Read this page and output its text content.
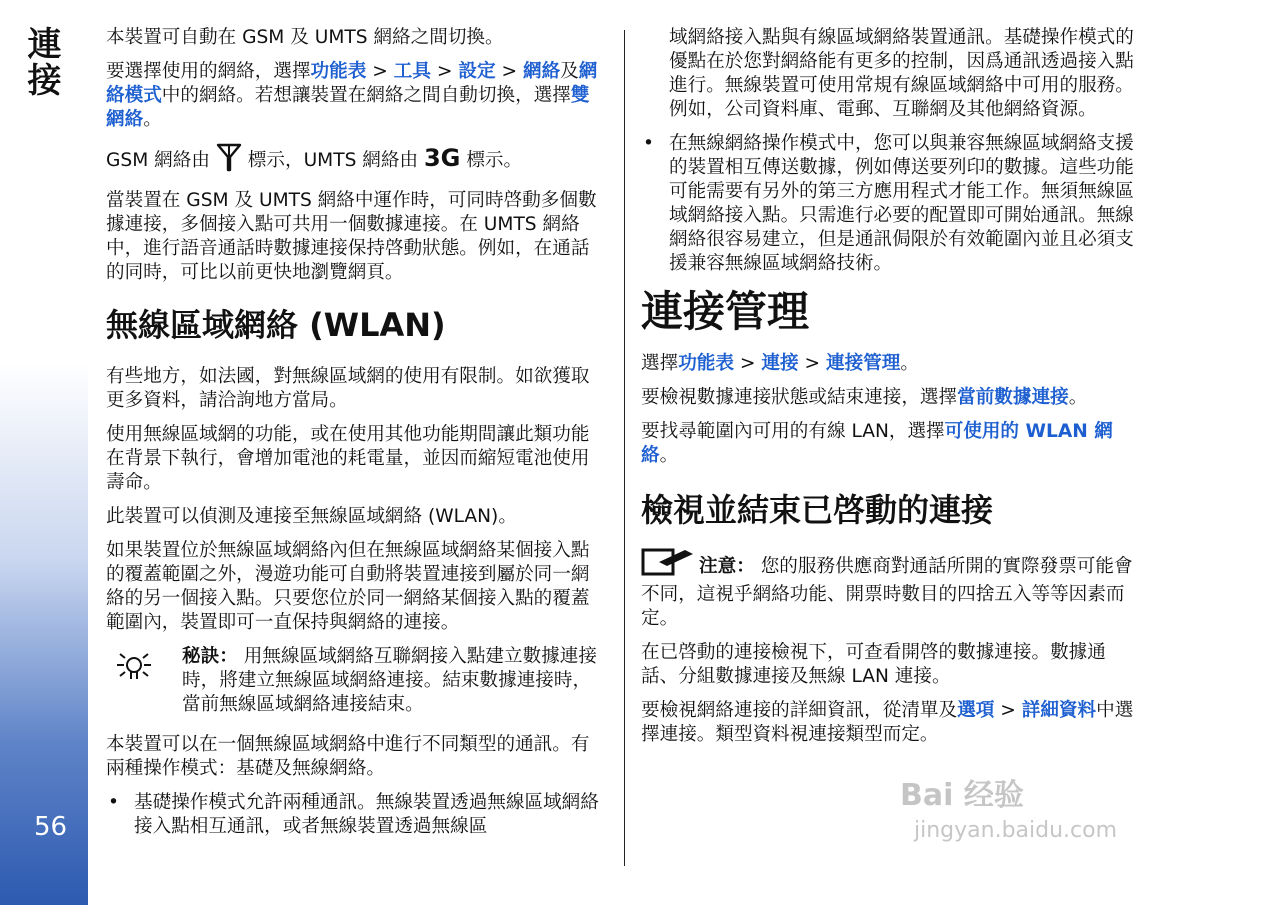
連接
56

本裝置可自動在 GSM 及 UMTS 網絡之間切換。

要選擇使用的網絡，選擇功能表 > 工具 > 設定 > 網絡及網絡模式中的網絡。若想讓裝置在網絡之間自動切換，選擇雙網絡。

GSM 網絡由  標示，UMTS 網絡由 3G 標示。

當裝置在 GSM 及 UMTS 網絡中運作時，可同時啓動多個數據連接，多個接入點可共用一個數據連接。在 UMTS 網絡中，進行語音通話時數據連接保持啓動狀態。例如，在通話的同時，可比以前更快地瀏覽網頁。

無線區域網絡 (WLAN)

有些地方，如法國，對無線區域網的使用有限制。如欲獲取更多資料，請洽詢地方當局。

使用無線區域網的功能，或在使用其他功能期間讓此類功能在背景下執行，會增加電池的耗電量，並因而縮短電池使用壽命。

此裝置可以偵測及連接至無線區域網絡 (WLAN)。

如果裝置位於無線區域網絡內但在無線區域網絡某個接入點的覆蓋範圍之外，漫遊功能可自動將裝置連接到屬於同一網絡的另一個接入點。只要您位於同一網絡某個接入點的覆蓋範圍內，裝置即可一直保持與網絡的連接。

秘訣： 用無線區域網絡互聯網接入點建立數據連接時，將建立無線區域網絡連接。結束數據連接時，當前無線區域網絡連接結束。

本裝置可以在一個無線區域網絡中進行不同類型的通訊。有兩種操作模式：基礎及無線網絡。

• 基礎操作模式允許兩種通訊。無線裝置透過無線區域網絡接入點相互通訊，或者無線裝置透過無線區
域網絡接入點與有線區域網絡裝置通訊。基礎操作模式的優點在於您對網絡能有更多的控制，因爲通訊透過接入點進行。無線裝置可使用常規有線區域網絡中可用的服務。例如，公司資料庫、電郵、互聯網及其他網絡資源。
• 在無線網絡操作模式中，您可以與兼容無線區域網絡支援的裝置相互傳送數據，例如傳送要列印的數據。這些功能可能需要有另外的第三方應用程式才能工作。無須無線區域網絡接入點。只需進行必要的配置即可開始通訊。無線網絡很容易建立，但是通訊侷限於有效範圍內並且必須支援兼容無線區域網絡技術。
連接管理

選擇功能表 > 連接 > 連接管理。

要檢視數據連接狀態或結束連接，選擇當前數據連接。

要找尋範圍內可用的有線 LAN，選擇可使用的 WLAN 網絡。

檢視並結束已啓動的連接

注意： 您的服務供應商對通話所開的實際發票可能會不同，這視乎網絡功能、開票時數目的四捨五入等等因素而定。

在已啓動的連接檢視下，可查看開啓的數據連接。數據通話、分組數據連接及無線 LAN 連接。

要檢視網絡連接的詳細資訊，從清單及選項 > 詳細資料中選擇連接。類型資料視連接類型而定。

Bai 经验
jingyan.baidu.com
